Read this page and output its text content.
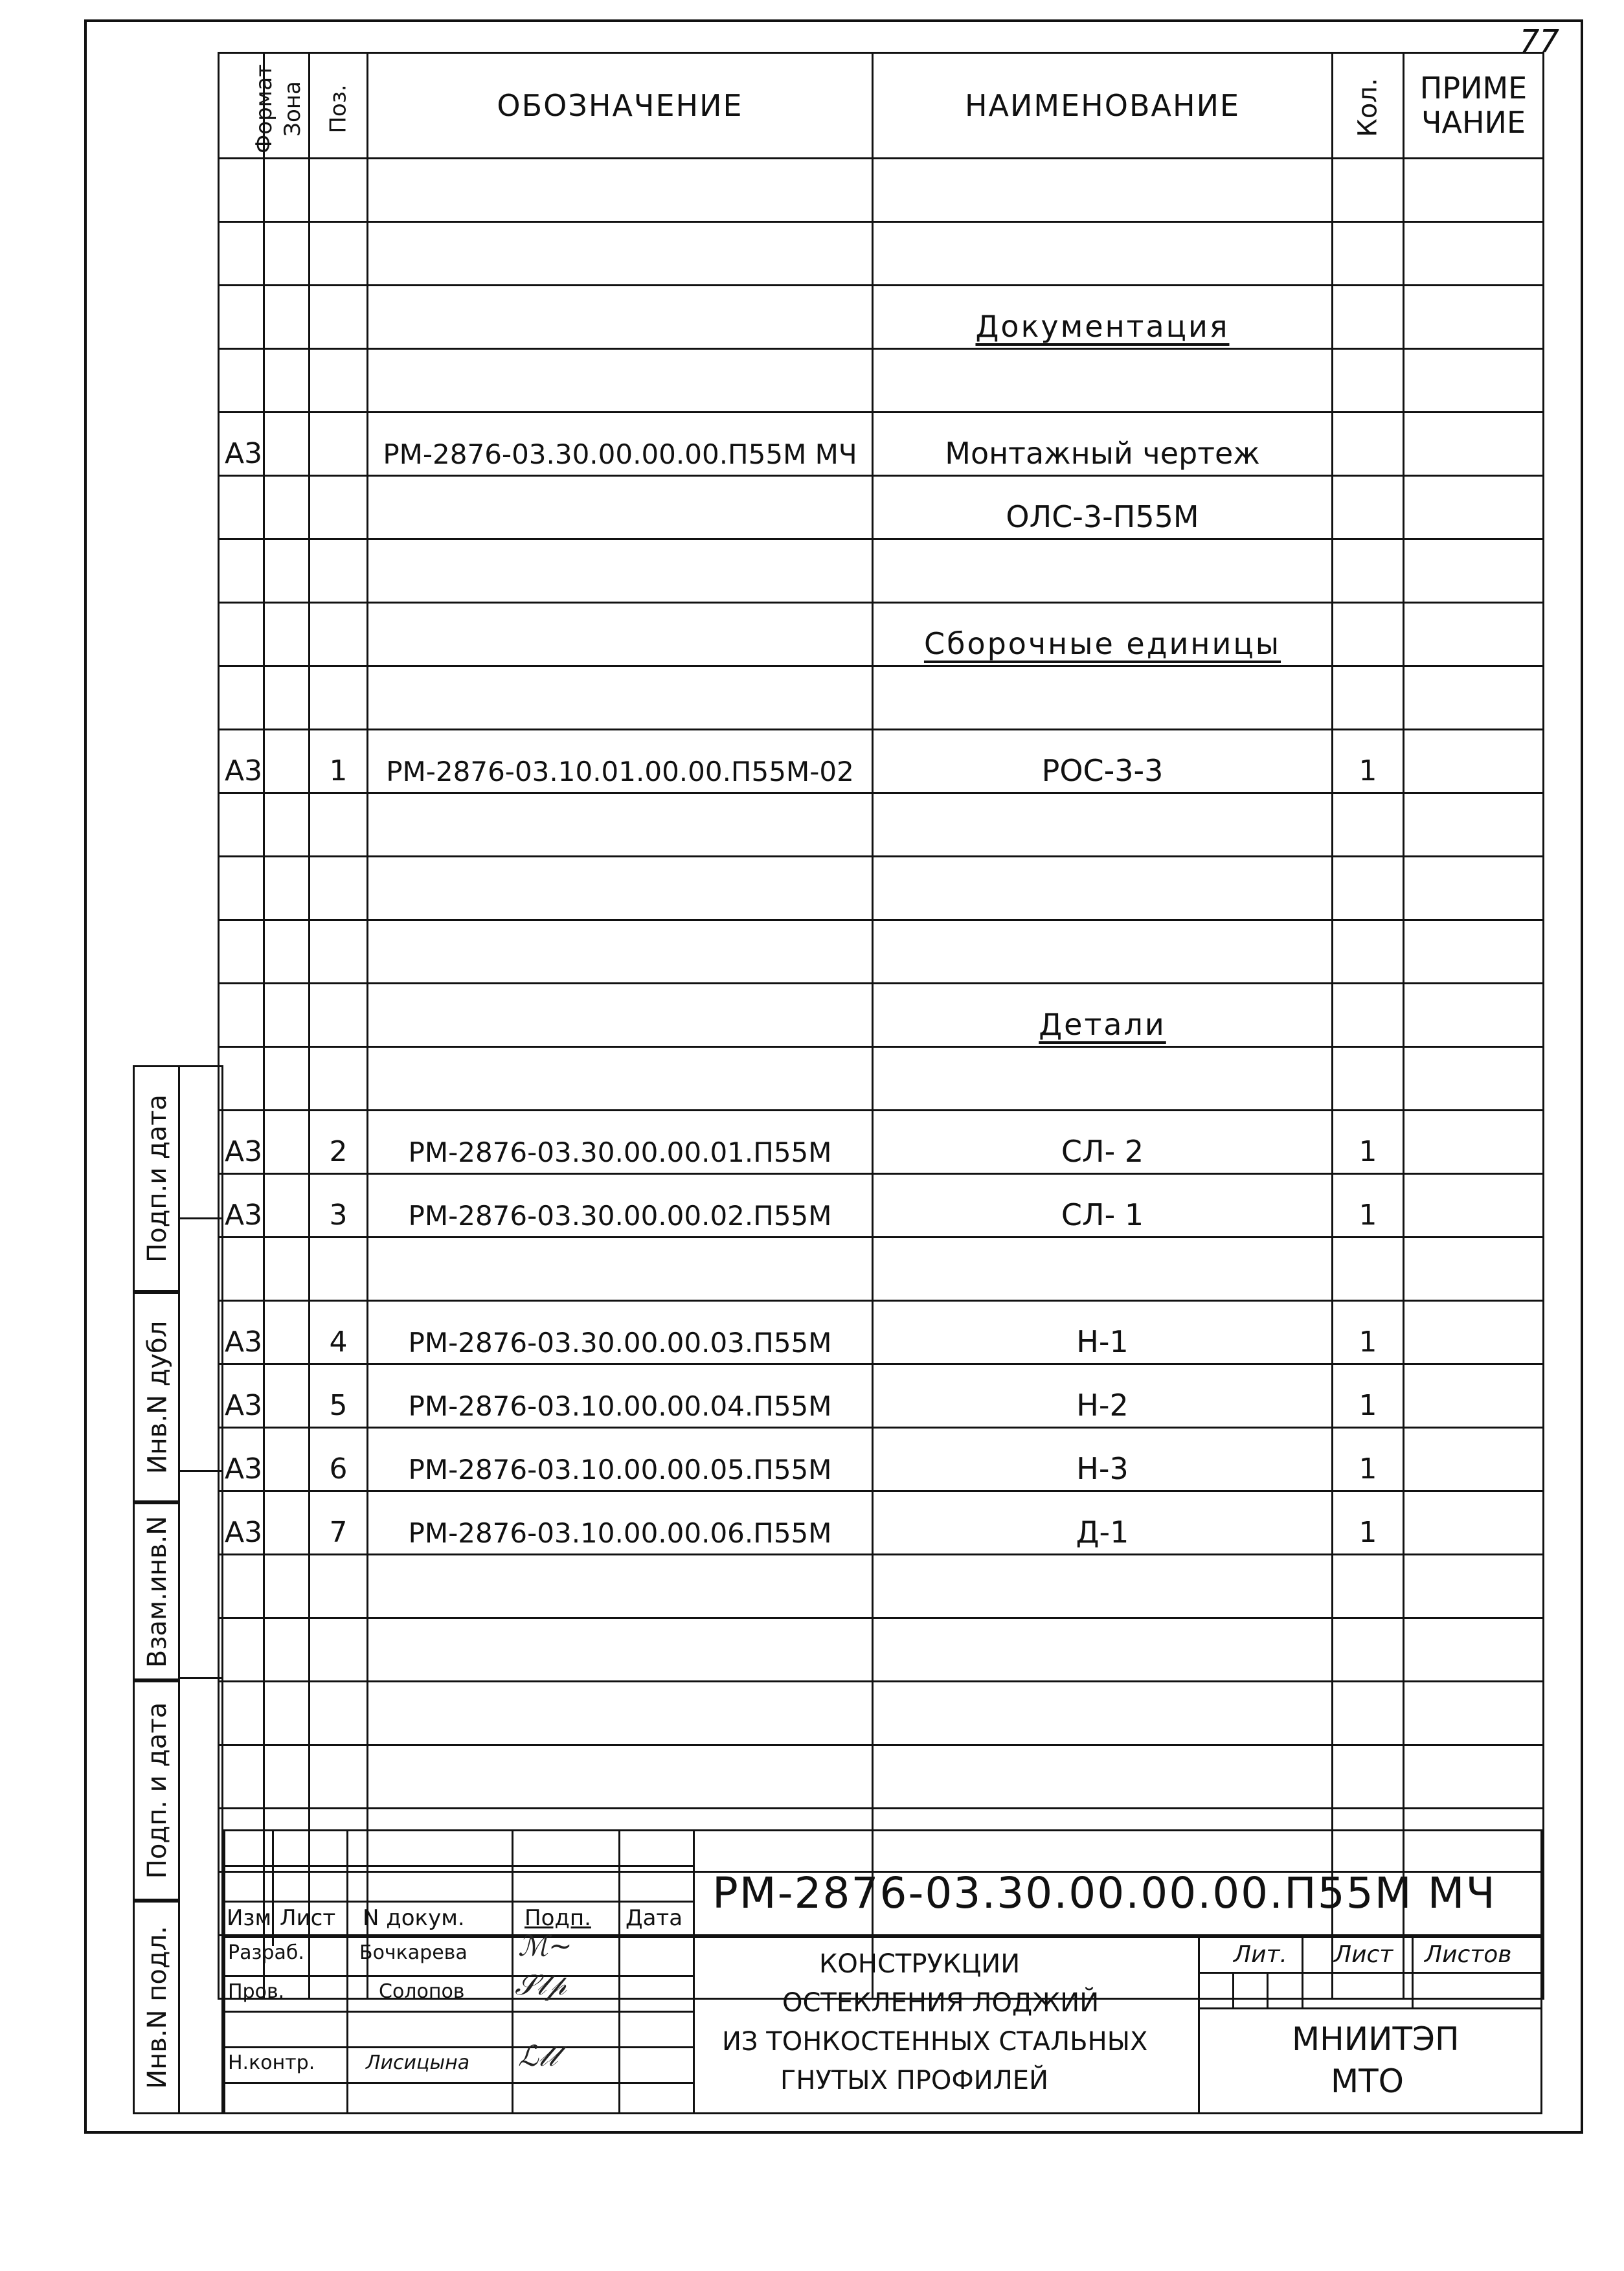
77
Формат	Зона	Поз.	ОБОЗНАЧЕНИЕ	НАИМЕНОВАНИЕ	Кол.	ПРИМЕ
ЧАНИЕ

				Документация		

А3			РМ-2876-03.30.00.00.00.П55М МЧ	Монтажный чертеж		
				ОЛС-3-П55М		

				Сборочные единицы		

А3		1	РМ-2876-03.10.01.00.00.П55М-02	РОС-3-3	1	

				Детали		

А3		2	РМ-2876-03.30.00.00.01.П55М	СЛ- 2	1	
А3		3	РМ-2876-03.30.00.00.02.П55М	СЛ- 1	1	

А3		4	РМ-2876-03.30.00.00.03.П55М	Н-1	1	
А3		5	РМ-2876-03.10.00.00.04.П55М	Н-2	1	
А3		6	РМ-2876-03.10.00.00.05.П55М	Н-3	1	
А3		7	РМ-2876-03.10.00.00.06.П55М	Д-1	1	

Подп.и дата
Инв.N дубл
Взам.инв.N
Подп. и дата
Инв.N подл.
РМ-2876-03.30.00.00.00.П55М МЧ
Изм Лист N докум.	Подп. Дата
Разраб.	Бочкарева ℳ~
Пров.	Солопов 𝒮𝓁𝓅
Н.контр.	Лисицына ℒ𝓁𝓁
КОНСТРУКЦИИ
ОСТЕКЛЕНИЯ ЛОДЖИЙ
ИЗ ТОНКОСТЕННЫХ СТАЛЬНЫХ
ГНУТЫХ ПРОФИЛЕЙ
Лит. Лист Листов
МНИИТЭП
МТО
